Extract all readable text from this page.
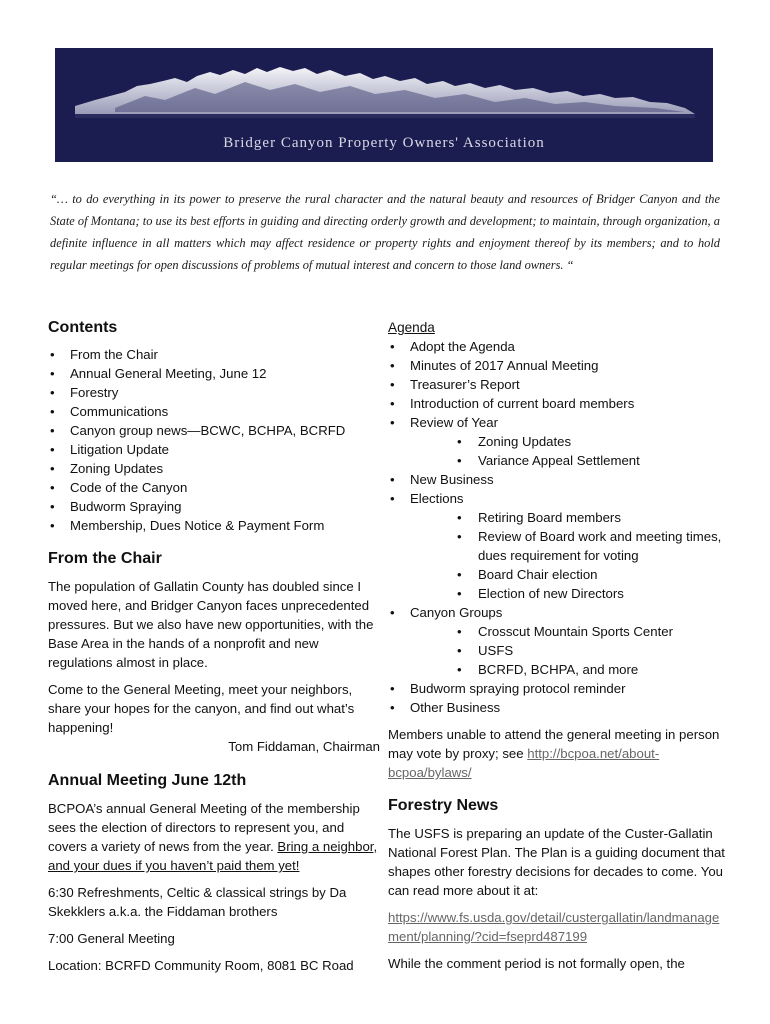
Bridger Canyon Property Owners' Association
“… to do everything in its power to preserve the rural character and the natural beauty and resources of Bridger Canyon and the State of Montana; to use its best efforts in guiding and directing orderly growth and development; to maintain, through organization, a definite influence in all matters which may affect residence or property rights and enjoyment thereof by its members; and to hold regular meetings for open discussions of problems of mutual interest and concern to those land owners. “
Contents
• From the Chair
• Annual General Meeting, June 12
• Forestry
• Communications
• Canyon group news—BCWC, BCHPA, BCRFD
• Litigation Update
• Zoning Updates
• Code of the Canyon
• Budworm Spraying
• Membership, Dues Notice & Payment Form
From the Chair

The population of Gallatin County has doubled since I moved here, and Bridger Canyon faces unprecedented pressures. But we also have new opportunities, with the Base Area in the hands of a nonprofit and new regulations almost in place.

Come to the General Meeting, meet your neighbors, share your hopes for the canyon, and find out what’s happening!

Tom Fiddaman, Chairman

Annual Meeting June 12th

BCPOA’s annual General Meeting of the membership sees the election of directors to represent you, and covers a variety of news from the year. Bring a neighbor, and your dues if you haven’t paid them yet!

6:30 Refreshments, Celtic & classical strings by Da Skekklers a.k.a. the Fiddaman brothers

7:00 General Meeting

Location: BCRFD Community Room, 8081 BC Road

Agenda
• Adopt the Agenda
• Minutes of 2017 Annual Meeting
• Treasurer’s Report
• Introduction of current board members
• Review of Year
• Zoning Updates
• Variance Appeal Settlement
• New Business
• Elections
• Retiring Board members
• Review of Board work and meeting times, dues requirement for voting
• Board Chair election
• Election of new Directors
• Canyon Groups
• Crosscut Mountain Sports Center
• USFS
• BCRFD, BCHPA, and more
• Budworm spraying protocol reminder
• Other Business

Members unable to attend the general meeting in person may vote by proxy; see http://bcpoa.net/about-bcpoa/bylaws/

Forestry News

The USFS is preparing an update of the Custer-Gallatin National Forest Plan. The Plan is a guiding document that shapes other forestry decisions for decades to come. You can read more about it at:

https://www.fs.usda.gov/detail/custergallatin/landmanagement/planning/?cid=fseprd487199

While the comment period is not formally open, the
